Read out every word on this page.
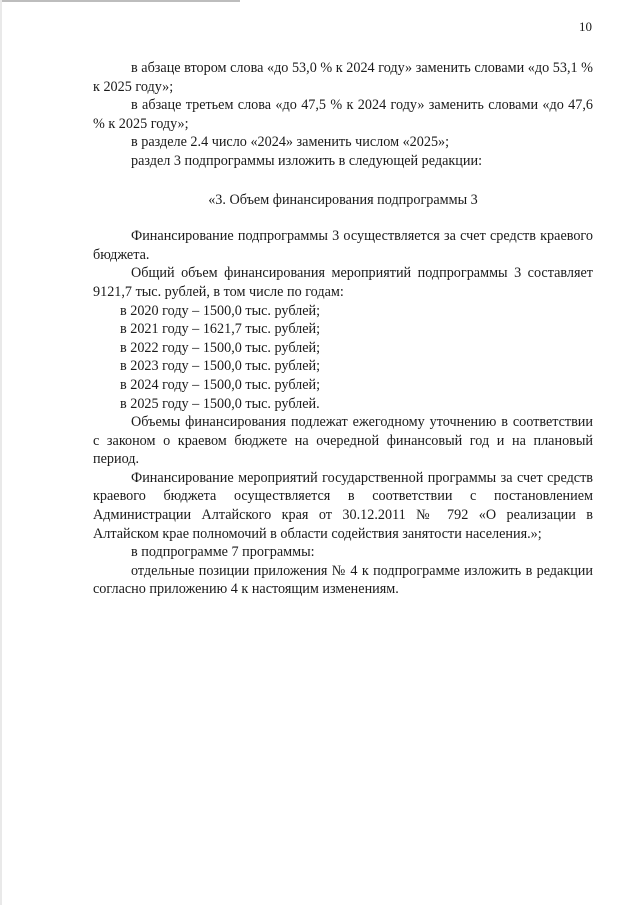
10

в абзаце втором слова «до 53,0 % к 2024 году» заменить словами «до 53,1 % к 2025 году»;

в абзаце третьем слова «до 47,5 % к 2024 году» заменить словами «до 47,6 % к 2025 году»;

в разделе 2.4 число «2024» заменить числом «2025»;

раздел 3 подпрограммы изложить в следующей редакции:

«3. Объем финансирования подпрограммы 3

Финансирование подпрограммы 3 осуществляется за счет средств краевого бюджета.

Общий объем финансирования мероприятий подпрограммы 3 составляет 9121,7 тыс. рублей, в том числе по годам:

в 2020 году – 1500,0 тыс. рублей;
в 2021 году – 1621,7 тыс. рублей;
в 2022 году – 1500,0 тыс. рублей;
в 2023 году – 1500,0 тыс. рублей;
в 2024 году – 1500,0 тыс. рублей;
в 2025 году – 1500,0 тыс. рублей.

Объемы финансирования подлежат ежегодному уточнению в соответствии с законом о краевом бюджете на очередной финансовый год и на плановый период.

Финансирование мероприятий государственной программы за счет средств краевого бюджета осуществляется в соответствии с постановлением Администрации Алтайского края от 30.12.2011 № 792 «О реализации в Алтайском крае полномочий в области содействия занятости населения.»;

в подпрограмме 7 программы:

отдельные позиции приложения № 4 к подпрограмме изложить в редакции согласно приложению 4 к настоящим изменениям.
